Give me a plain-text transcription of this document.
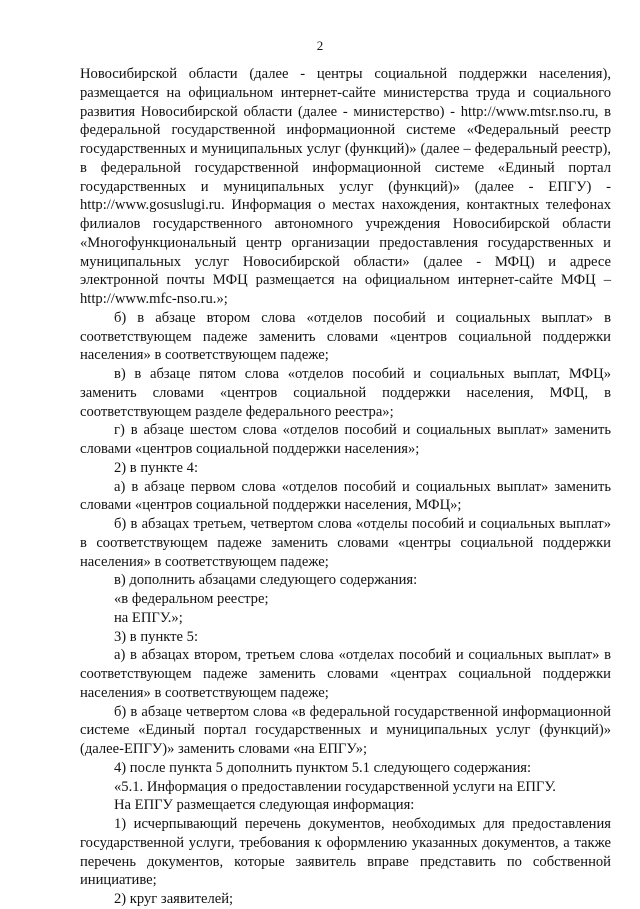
2

Новосибирской области (далее - центры социальной поддержки населения), размещается на официальном интернет-сайте министерства труда и социального развития Новосибирской области (далее - министерство) - http://www.mtsr.nso.ru, в федеральной государственной информационной системе «Федеральный реестр государственных и муниципальных услуг (функций)» (далее – федеральный реестр), в федеральной государственной информационной системе «Единый портал государственных и муниципальных услуг (функций)» (далее - ЕПГУ) - http://www.gosuslugi.ru. Информация о местах нахождения, контактных телефонах филиалов государственного автономного учреждения Новосибирской области «Многофункциональный центр организации предоставления государственных и муниципальных услуг Новосибирской области» (далее - МФЦ) и адресе электронной почты МФЦ размещается на официальном интернет-сайте МФЦ – http://www.mfc-nso.ru.»;

б) в абзаце втором слова «отделов пособий и социальных выплат» в соответствующем падеже заменить словами «центров социальной поддержки населения» в соответствующем падеже;

в) в абзаце пятом слова «отделов пособий и социальных выплат, МФЦ» заменить словами «центров социальной поддержки населения, МФЦ, в соответствующем разделе федерального реестра»;

г) в абзаце шестом слова «отделов пособий и социальных выплат» заменить словами «центров социальной поддержки населения»;

2) в пункте 4:

а) в абзаце первом слова «отделов пособий и социальных выплат» заменить словами «центров социальной поддержки населения, МФЦ»;

б) в абзацах третьем, четвертом слова «отделы пособий и социальных выплат» в соответствующем падеже заменить словами «центры социальной поддержки населения» в соответствующем падеже;

в) дополнить абзацами следующего содержания:

«в федеральном реестре;

на ЕПГУ.»;

3) в пункте 5:

а) в абзацах втором, третьем слова «отделах пособий и социальных выплат» в соответствующем падеже заменить словами «центрах социальной поддержки населения» в соответствующем падеже;

б) в абзаце четвертом слова «в федеральной государственной информационной системе «Единый портал государственных и муниципальных услуг (функций)» (далее-ЕПГУ)» заменить словами «на ЕПГУ»;

4) после пункта 5 дополнить пунктом 5.1 следующего содержания:

«5.1. Информация о предоставлении государственной услуги на ЕПГУ.

На ЕПГУ размещается следующая информация:

1) исчерпывающий перечень документов, необходимых для предоставления государственной услуги, требования к оформлению указанных документов, а также перечень документов, которые заявитель вправе представить по собственной инициативе;

2) круг заявителей;
